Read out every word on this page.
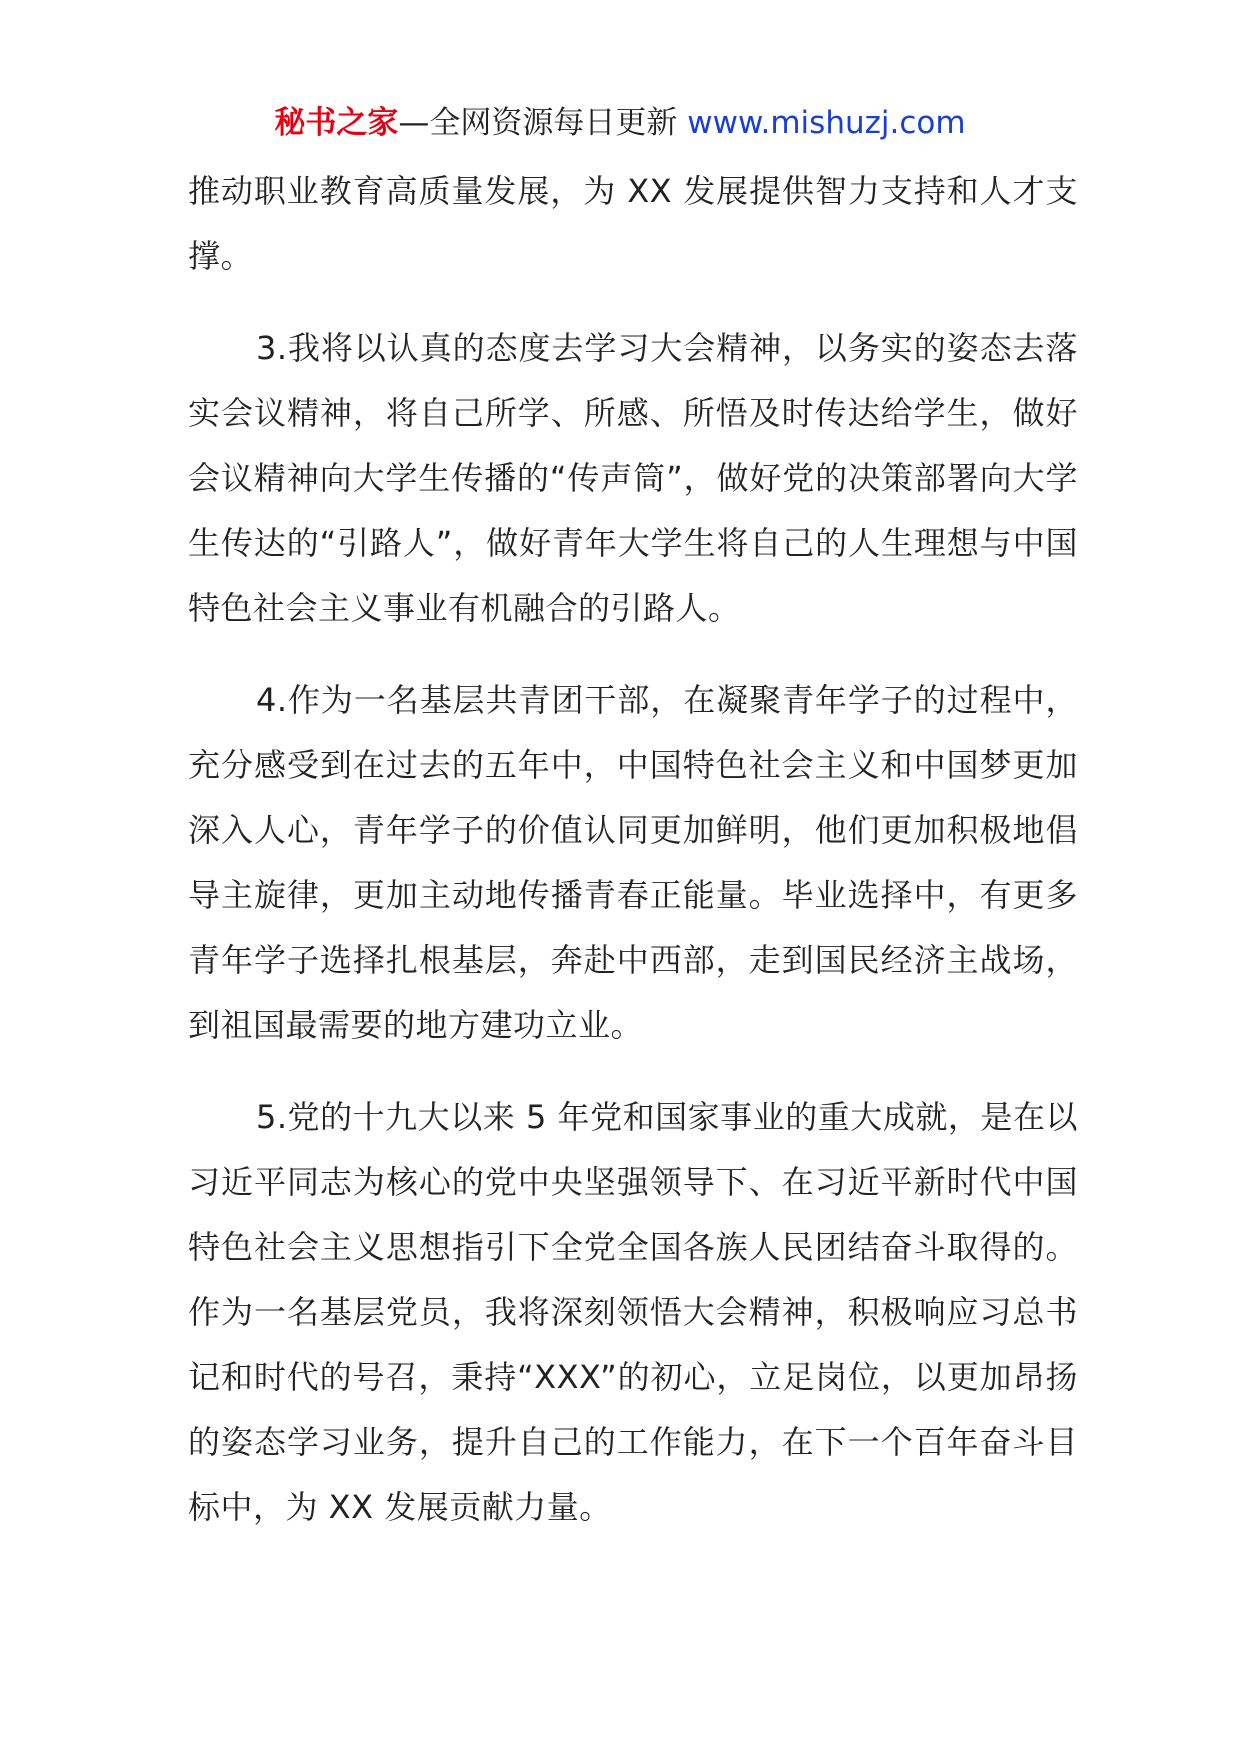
秘书之家—全网资源每日更新 www.mishuzj.com

推动职业教育高质量发展，为 XX 发展提供智力支持和人才支撑。

3.我将以认真的态度去学习大会精神，以务实的姿态去落实会议精神，将自己所学、所感、所悟及时传达给学生，做好会议精神向大学生传播的“传声筒”，做好党的决策部署向大学生传达的“引路人”，做好青年大学生将自己的人生理想与中国特色社会主义事业有机融合的引路人。

4.作为一名基层共青团干部，在凝聚青年学子的过程中，充分感受到在过去的五年中，中国特色社会主义和中国梦更加深入人心，青年学子的价值认同更加鲜明，他们更加积极地倡导主旋律，更加主动地传播青春正能量。毕业选择中，有更多青年学子选择扎根基层，奔赴中西部，走到国民经济主战场，到祖国最需要的地方建功立业。

5.党的十九大以来 5 年党和国家事业的重大成就，是在以习近平同志为核心的党中央坚强领导下、在习近平新时代中国特色社会主义思想指引下全党全国各族人民团结奋斗取得的。作为一名基层党员，我将深刻领悟大会精神，积极响应习总书记和时代的号召，秉持“XXX”的初心，立足岗位，以更加昂扬的姿态学习业务，提升自己的工作能力，在下一个百年奋斗目标中，为 XX 发展贡献力量。
